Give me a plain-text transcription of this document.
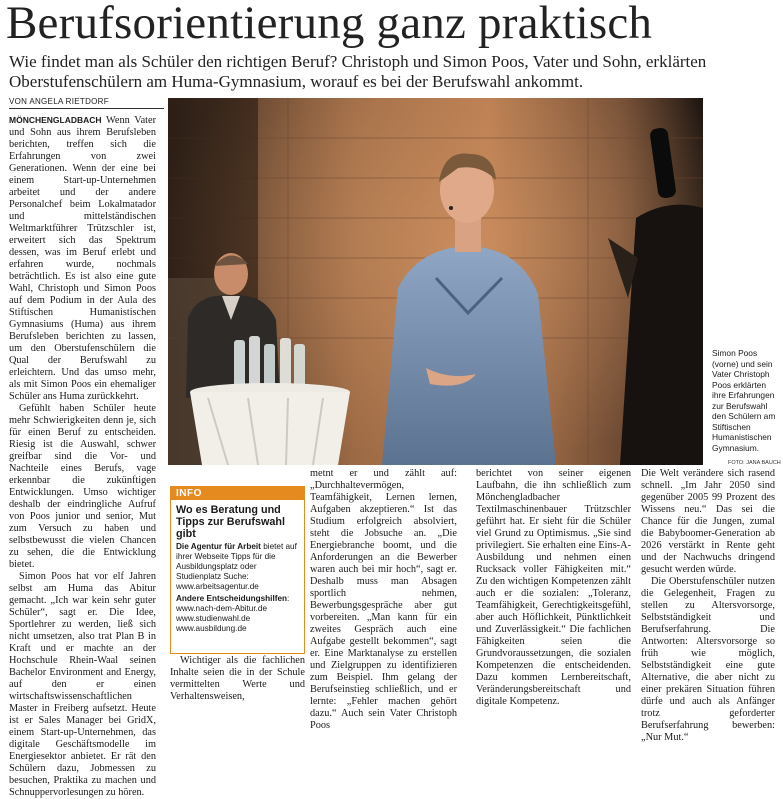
Berufsorientierung ganz praktisch
Wie findet man als Schüler den richtigen Beruf? Christoph und Simon Poos, Vater und Sohn, erklärten Oberstufenschülern am Huma-Gymnasium, worauf es bei der Berufswahl ankommt.
VON ANGELA RIETDORF

MÖNCHENGLADBACH Wenn Vater und Sohn aus ihrem Berufsleben berichten, treffen sich die Erfahrungen von zwei Generationen. Wenn der eine bei einem Start-up-Unternehmen arbeitet und der andere Personalchef beim Lokalmatador und mittelständischen Weltmarktführer Trützschler ist, erweitert sich das Spektrum dessen, was im Beruf erlebt und erfahren wurde, nochmals beträchtlich. Es ist also eine gute Wahl, Christoph und Simon Poos auf dem Podium in der Aula des Stiftischen Humanistischen Gymnasiums (Huma) aus ihrem Berufsleben berichten zu lassen, um den Oberstufenschülern die Qual der Berufswahl zu erleichtern. Und das umso mehr, als mit Simon Poos ein ehemaliger Schüler ans Huma zurückkehrt.

Gefühlt haben Schüler heute mehr Schwierigkeiten denn je, sich für einen Beruf zu entscheiden. Riesig ist die Auswahl, schwer greifbar sind die Vor- und Nachteile eines Berufs, vage erkennbar die zukünftigen Entwicklungen. Umso wichtiger deshalb der eindringliche Aufruf von Poos junior und senior, Mut zum Versuch zu haben und selbstbewusst die vielen Chancen zu sehen, die die Entwicklung bietet.

Simon Poos hat vor elf Jahren selbst am Huma das Abitur gemacht. „Ich war kein sehr guter Schüler“, sagt er. Die Idee, Sportlehrer zu werden, ließ sich nicht umsetzen, also trat Plan B in Kraft und er machte an der Hochschule Rhein-Waal seinen Bachelor Environment and Energy, auf den er einen wirtschaftswissenschaftlichen Master in Freiberg aufsetzt. Heute ist er Sales Manager bei GridX, einem Start-up-Unternehmen, das digitale Geschäftsmodelle im Energiesektor anbietet. Er rät den Schülern dazu, Jobmessen zu besuchen, Praktika zu machen und Schnuppervorlesungen zu hören.

Simon Poos (vorne) und sein Vater Christoph Poos erklärten ihre Erfahrungen zur Berufswahl den Schülern am Stiftischen Humanistischen Gymnasium.
FOTO: JANA BAUCH
INFO
Wo es Beratung und Tipps zur Berufswahl gibt
Die Agentur für Arbeit bietet auf ihrer Webseite Tipps für die Ausbildungsplatz oder Studienplatz Suche: www.arbeitsagentur.de
Andere Entscheidungshilfen:
www.nach-dem-Abitur.de
www.studienwahl.de
www.ausbildung.de

Wichtiger als die fachlichen Inhalte seien die in der Schule vermittelten Werte und Verhaltensweisen,

metnt er und zählt auf: „Durchhaltevermögen, Teamfähigkeit, Lernen lernen, Aufgaben akzeptieren.“ Ist das Studium erfolgreich absolviert, steht die Jobsuche an. „Die Energiebranche boomt, und die Anforderungen an die Bewerber waren auch bei mir hoch“, sagt er. Deshalb muss man Absagen sportlich nehmen, Bewerbungsgespräche aber gut vorbereiten. „Man kann für ein zweites Gespräch auch eine Aufgabe gestellt bekommen“, sagt er. Eine Marktanalyse zu erstellen und Zielgruppen zu identifizieren zum Beispiel. Ihm gelang der Berufseinstieg schließlich, und er lernte: „Fehler machen gehört dazu.“ Auch sein Vater Christoph Poos

berichtet von seiner eigenen Laufbahn, die ihn schließlich zum Mönchengladbacher Textilmaschinenbauer Trützschler geführt hat. Er sieht für die Schüler viel Grund zu Optimismus. „Sie sind privilegiert. Sie erhalten eine Eins-A-Ausbildung und nehmen einen Rucksack voller Fähigkeiten mit.“ Zu den wichtigen Kompetenzen zählt auch er die sozialen: „Toleranz, Teamfähigkeit, Gerechtigkeitsgefühl, aber auch Höflichkeit, Pünktlichkeit und Zuverlässigkeit.“ Die fachlichen Fähigkeiten seien die Grundvoraussetzungen, die sozialen Kompetenzen die entscheidenden. Dazu kommen Lernbereitschaft, Veränderungsbereitschaft und digitale Kompetenz.

Die Welt verändere sich rasend schnell. „Im Jahr 2050 sind gegenüber 2005 99 Prozent des Wissens neu.“ Das sei die Chance für die Jungen, zumal die Babyboomer-Generation ab 2026 verstärkt in Rente geht und der Nachwuchs dringend gesucht werden würde.

Die Oberstufenschüler nutzen die Gelegenheit, Fragen zu stellen zu Altersvorsorge, Selbstständigkeit und Berufserfahrung. Die Antworten: Altersvorsorge so früh wie möglich, Selbstständigkeit eine gute Alternative, die aber nicht zu einer prekären Situation führen dürfe und auch als Anfänger trotz geforderter Berufserfahrung bewerben: „Nur Mut.“
